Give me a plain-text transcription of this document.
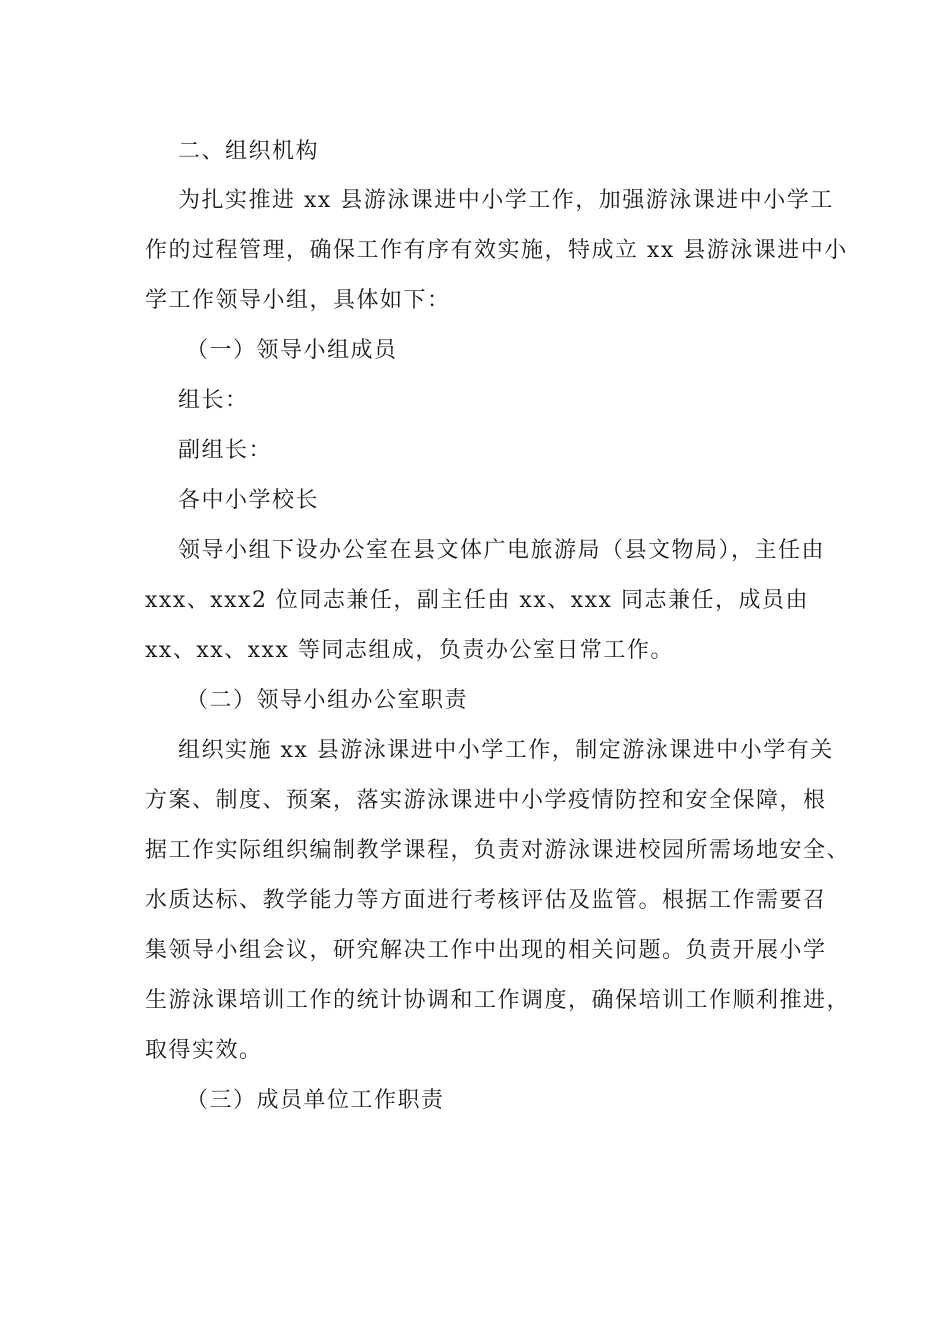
二、组织机构
为扎实推进 xx 县游泳课进中小学工作，加强游泳课进中小学工
作的过程管理，确保工作有序有效实施，特成立 xx 县游泳课进中小
学工作领导小组，具体如下：
（一）领导小组成员
组长：
副组长：
各中小学校长
领导小组下设办公室在县文体广电旅游局（县文物局），主任由
xxx、xxx2 位同志兼任，副主任由 xx、xxx 同志兼任，成员由
xx、xx、xxx 等同志组成，负责办公室日常工作。
（二）领导小组办公室职责
组织实施 xx 县游泳课进中小学工作，制定游泳课进中小学有关
方案、制度、预案，落实游泳课进中小学疫情防控和安全保障，根
据工作实际组织编制教学课程，负责对游泳课进校园所需场地安全、
水质达标、教学能力等方面进行考核评估及监管。根据工作需要召
集领导小组会议，研究解决工作中出现的相关问题。负责开展小学
生游泳课培训工作的统计协调和工作调度，确保培训工作顺利推进，
取得实效。
（三）成员单位工作职责
